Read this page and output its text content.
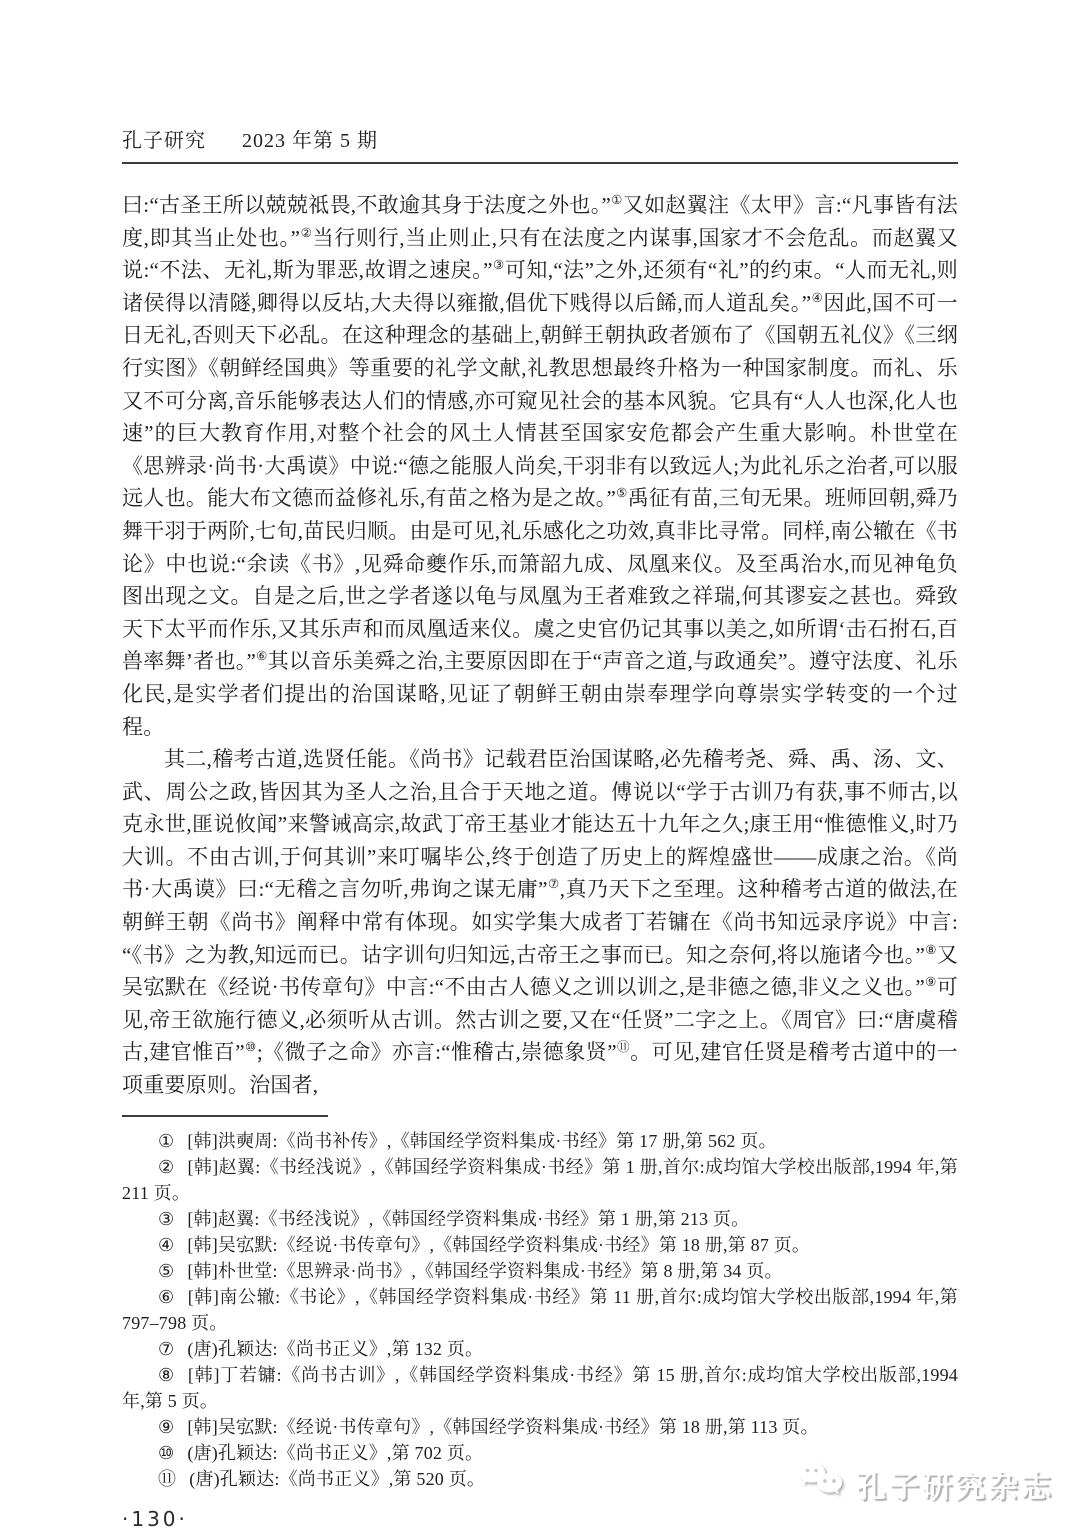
孔子研究 2023 年第 5 期

曰:“古圣王所以兢兢祗畏,不敢逾其身于法度之外也。”①又如赵翼注《太甲》言:“凡事皆有法度,即其当止处也。”②当行则行,当止则止,只有在法度之内谋事,国家才不会危乱。而赵翼又说:“不法、无礼,斯为罪恶,故谓之速戾。”③可知,“法”之外,还须有“礼”的约束。“人而无礼,则诸侯得以清隧,卿得以反坫,大夫得以雍撤,倡优下贱得以后餙,而人道乱矣。”④因此,国不可一日无礼,否则天下必乱。在这种理念的基础上,朝鲜王朝执政者颁布了《国朝五礼仪》《三纲行实图》《朝鲜经国典》等重要的礼学文献,礼教思想最终升格为一种国家制度。而礼、乐又不可分离,音乐能够表达人们的情感,亦可窥见社会的基本风貌。它具有“人人也深,化人也速”的巨大教育作用,对整个社会的风土人情甚至国家安危都会产生重大影响。朴世堂在《思辨录·尚书·大禹谟》中说:“德之能服人尚矣,干羽非有以致远人;为此礼乐之治者,可以服远人也。能大布文德而益修礼乐,有苗之格为是之故。”⑤禹征有苗,三旬无果。班师回朝,舜乃舞干羽于两阶,七旬,苗民归顺。由是可见,礼乐感化之功效,真非比寻常。同样,南公辙在《书论》中也说:“余读《书》,见舜命夔作乐,而箫韶九成、凤凰来仪。及至禹治水,而见神龟负图出现之文。自是之后,世之学者遂以龟与凤凰为王者难致之祥瑞,何其谬妄之甚也。舜致天下太平而作乐,又其乐声和而凤凰适来仪。虞之史官仍记其事以美之,如所谓‘击石拊石,百兽率舞’者也。”⑥其以音乐美舜之治,主要原因即在于“声音之道,与政通矣”。遵守法度、礼乐化民,是实学者们提出的治国谋略,见证了朝鲜王朝由崇奉理学向尊崇实学转变的一个过程。

其二,稽考古道,选贤任能。《尚书》记载君臣治国谋略,必先稽考尧、舜、禹、汤、文、武、周公之政,皆因其为圣人之治,且合于天地之道。傅说以“学于古训乃有获,事不师古,以克永世,匪说攸闻”来警诫高宗,故武丁帝王基业才能达五十九年之久;康王用“惟德惟义,时乃大训。不由古训,于何其训”来叮嘱毕公,终于创造了历史上的辉煌盛世——成康之治。《尚书·大禹谟》曰:“无稽之言勿听,弗询之谋无庸”⑦,真乃天下之至理。这种稽考古道的做法,在朝鲜王朝《尚书》阐释中常有体现。如实学集大成者丁若镛在《尚书知远录序说》中言:“《书》之为教,知远而已。诂字训句归知远,古帝王之事而已。知之奈何,将以施诸今也。”⑧又吴宖默在《经说·书传章句》中言:“不由古人德义之训以训之,是非德之德,非义之义也。”⑨可见,帝王欲施行德义,必须听从古训。然古训之要,又在“任贤”二字之上。《周官》曰:“唐虞稽古,建官惟百”⑩;《微子之命》亦言:“惟稽古,崇德象贤”⑪。可见,建官任贤是稽考古道中的一项重要原则。治国者,

① [韩]洪奭周:《尚书补传》,《韩国经学资料集成·书经》第 17 册,第 562 页。

② [韩]赵翼:《书经浅说》,《韩国经学资料集成·书经》第 1 册,首尔:成均馆大学校出版部,1994 年,第 211 页。

③ [韩]赵翼:《书经浅说》,《韩国经学资料集成·书经》第 1 册,第 213 页。

④ [韩]吴宖默:《经说·书传章句》,《韩国经学资料集成·书经》第 18 册,第 87 页。

⑤ [韩]朴世堂:《思辨录·尚书》,《韩国经学资料集成·书经》第 8 册,第 34 页。

⑥ [韩]南公辙:《书论》,《韩国经学资料集成·书经》第 11 册,首尔:成均馆大学校出版部,1994 年,第 797–798 页。

⑦ (唐)孔颖达:《尚书正义》,第 132 页。

⑧ [韩]丁若镛:《尚书古训》,《韩国经学资料集成·书经》第 15 册,首尔:成均馆大学校出版部,1994 年,第 5 页。

⑨ [韩]吴宖默:《经说·书传章句》,《韩国经学资料集成·书经》第 18 册,第 113 页。

⑩ (唐)孔颖达:《尚书正义》,第 702 页。

⑪ (唐)孔颖达:《尚书正义》,第 520 页。

·130·
孔子研究杂志
